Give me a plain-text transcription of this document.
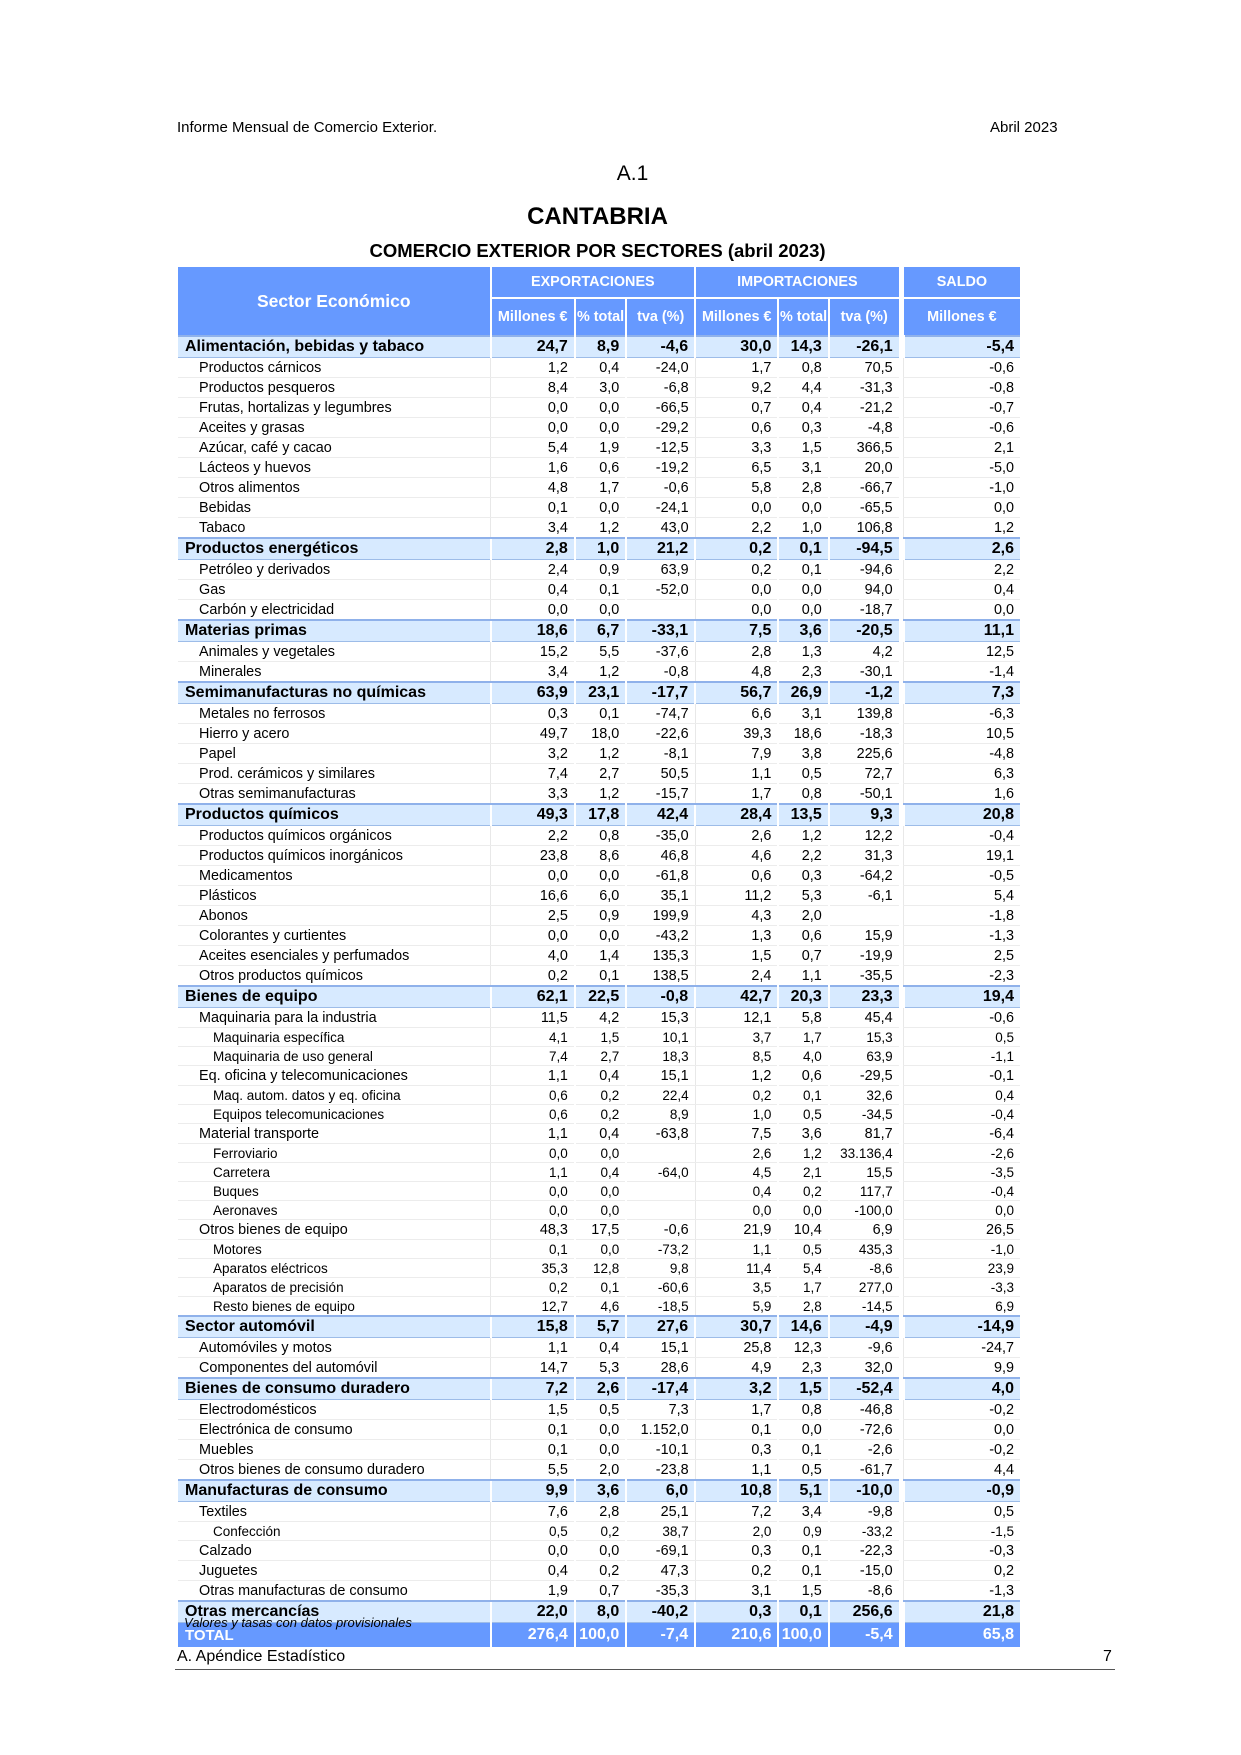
Informe Mensual de Comercio Exterior.	Abril 2023
A.1
CANTABRIA
COMERCIO EXTERIOR POR SECTORES (abril 2023)
Sector Económico	EXPORTACIONES			IMPORTACIONES				SALDO
	Millones €	% total	tva (%)	Millones €	% total	tva (%)		Millones €
Alimentación, bebidas y tabaco	24,7	8,9	-4,6	30,0	14,3	-26,1		-5,4
Productos cárnicos	1,2	0,4	-24,0	1,7	0,8	70,5		-0,6
Productos pesqueros	8,4	3,0	-6,8	9,2	4,4	-31,3		-0,8
Frutas, hortalizas y legumbres	0,0	0,0	-66,5	0,7	0,4	-21,2		-0,7
Aceites y grasas	0,0	0,0	-29,2	0,6	0,3	-4,8		-0,6
Azúcar, café y cacao	5,4	1,9	-12,5	3,3	1,5	366,5		2,1
Lácteos y huevos	1,6	0,6	-19,2	6,5	3,1	20,0		-5,0
Otros alimentos	4,8	1,7	-0,6	5,8	2,8	-66,7		-1,0
Bebidas	0,1	0,0	-24,1	0,0	0,0	-65,5		0,0
Tabaco	3,4	1,2	43,0	2,2	1,0	106,8		1,2
Productos energéticos	2,8	1,0	21,2	0,2	0,1	-94,5		2,6
Petróleo y derivados	2,4	0,9	63,9	0,2	0,1	-94,6		2,2
Gas	0,4	0,1	-52,0	0,0	0,0	94,0		0,4
Carbón y electricidad	0,0	0,0		0,0	0,0	-18,7		0,0
Materias primas	18,6	6,7	-33,1	7,5	3,6	-20,5		11,1
Animales y vegetales	15,2	5,5	-37,6	2,8	1,3	4,2		12,5
Minerales	3,4	1,2	-0,8	4,8	2,3	-30,1		-1,4
Semimanufacturas no químicas	63,9	23,1	-17,7	56,7	26,9	-1,2		7,3
Metales no ferrosos	0,3	0,1	-74,7	6,6	3,1	139,8		-6,3
Hierro y acero	49,7	18,0	-22,6	39,3	18,6	-18,3		10,5
Papel	3,2	1,2	-8,1	7,9	3,8	225,6		-4,8
Prod. cerámicos y similares	7,4	2,7	50,5	1,1	0,5	72,7		6,3
Otras semimanufacturas	3,3	1,2	-15,7	1,7	0,8	-50,1		1,6
Productos químicos	49,3	17,8	42,4	28,4	13,5	9,3		20,8
Productos químicos orgánicos	2,2	0,8	-35,0	2,6	1,2	12,2		-0,4
Productos químicos inorgánicos	23,8	8,6	46,8	4,6	2,2	31,3		19,1
Medicamentos	0,0	0,0	-61,8	0,6	0,3	-64,2		-0,5
Plásticos	16,6	6,0	35,1	11,2	5,3	-6,1		5,4
Abonos	2,5	0,9	199,9	4,3	2,0			-1,8
Colorantes y curtientes	0,0	0,0	-43,2	1,3	0,6	15,9		-1,3
Aceites esenciales y perfumados	4,0	1,4	135,3	1,5	0,7	-19,9		2,5
Otros productos químicos	0,2	0,1	138,5	2,4	1,1	-35,5		-2,3
Bienes de equipo	62,1	22,5	-0,8	42,7	20,3	23,3		19,4
Maquinaria para la industria	11,5	4,2	15,3	12,1	5,8	45,4		-0,6
Maquinaria específica	4,1	1,5	10,1	3,7	1,7	15,3		0,5
Maquinaria de uso general	7,4	2,7	18,3	8,5	4,0	63,9		-1,1
Eq. oficina y telecomunicaciones	1,1	0,4	15,1	1,2	0,6	-29,5		-0,1
Maq. autom. datos y eq. oficina	0,6	0,2	22,4	0,2	0,1	32,6		0,4
Equipos telecomunicaciones	0,6	0,2	8,9	1,0	0,5	-34,5		-0,4
Material transporte	1,1	0,4	-63,8	7,5	3,6	81,7		-6,4
Ferroviario	0,0	0,0		2,6	1,2	33.136,4		-2,6
Carretera	1,1	0,4	-64,0	4,5	2,1	15,5		-3,5
Buques	0,0	0,0		0,4	0,2	117,7		-0,4
Aeronaves	0,0	0,0		0,0	0,0	-100,0		0,0
Otros bienes de equipo	48,3	17,5	-0,6	21,9	10,4	6,9		26,5
Motores	0,1	0,0	-73,2	1,1	0,5	435,3		-1,0
Aparatos eléctricos	35,3	12,8	9,8	11,4	5,4	-8,6		23,9
Aparatos de precisión	0,2	0,1	-60,6	3,5	1,7	277,0		-3,3
Resto bienes de equipo	12,7	4,6	-18,5	5,9	2,8	-14,5		6,9
Sector automóvil	15,8	5,7	27,6	30,7	14,6	-4,9		-14,9
Automóviles y motos	1,1	0,4	15,1	25,8	12,3	-9,6		-24,7
Componentes del automóvil	14,7	5,3	28,6	4,9	2,3	32,0		9,9
Bienes de consumo duradero	7,2	2,6	-17,4	3,2	1,5	-52,4		4,0
Electrodomésticos	1,5	0,5	7,3	1,7	0,8	-46,8		-0,2
Electrónica de consumo	0,1	0,0	1.152,0	0,1	0,0	-72,6		0,0
Muebles	0,1	0,0	-10,1	0,3	0,1	-2,6		-0,2
Otros bienes de consumo duradero	5,5	2,0	-23,8	1,1	0,5	-61,7		4,4
Manufacturas de consumo	9,9	3,6	6,0	10,8	5,1	-10,0		-0,9
Textiles	7,6	2,8	25,1	7,2	3,4	-9,8		0,5
Confección	0,5	0,2	38,7	2,0	0,9	-33,2		-1,5
Calzado	0,0	0,0	-69,1	0,3	0,1	-22,3		-0,3
Juguetes	0,4	0,2	47,3	0,2	0,1	-15,0		0,2
Otras manufacturas de consumo	1,9	0,7	-35,3	3,1	1,5	-8,6		-1,3
Otras mercancías	22,0	8,0	-40,2	0,3	0,1	256,6		21,8
TOTAL	276,4	100,0	-7,4	210,6	100,0	-5,4		65,8
Valores y tasas con datos provisionales
A. Apéndice Estadístico	7
